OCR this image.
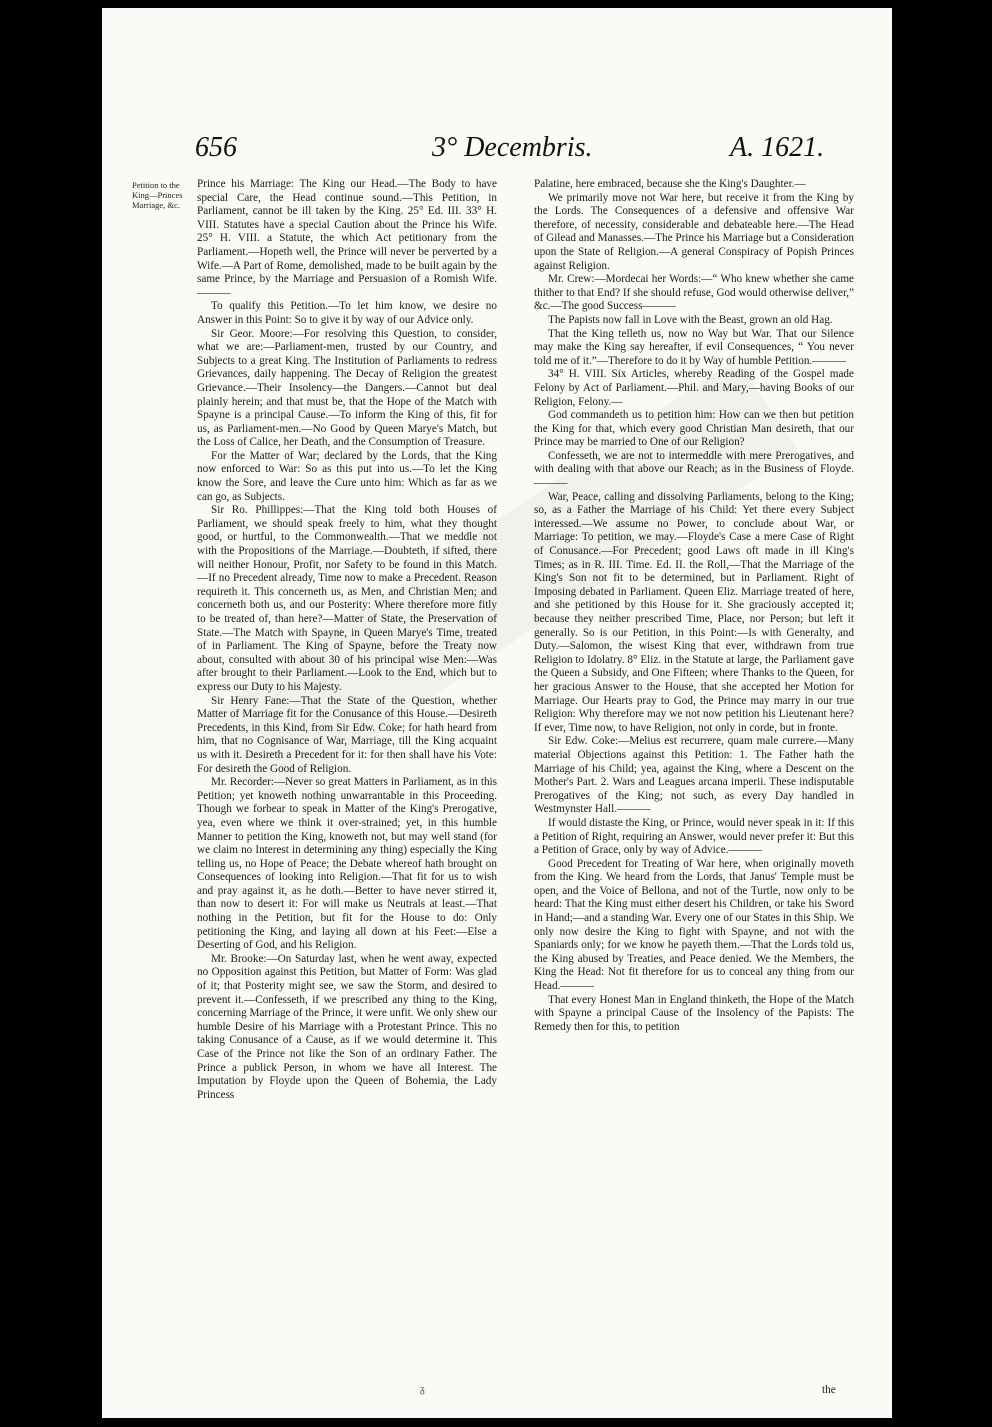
656	3° Decembris.	A. 1621.
Petition to the King—Princes Marriage, &c.

Prince his Marriage: The King our Head.—The Body to have special Care, the Head continue sound.—This Petition, in Parliament, cannot be ill taken by the King. 25° Ed. III. 33° H. VIII. Statutes have a special Caution about the Prince his Wife. 25° H. VIII. a Statute, the which Act petitionary from the Parliament.—Hopeth well, the Prince will never be perverted by a Wife.—A Part of Rome, demolished, made to be built again by the same Prince, by the Marriage and Persuasion of a Romish Wife.———

To qualify this Petition.—To let him know, we desire no Answer in this Point: So to give it by way of our Advice only.

Sir Geor. Moore:—For resolving this Question, to consider, what we are:—Parliament-men, trusted by our Country, and Subjects to a great King. The Institution of Parliaments to redress Grievances, daily happening. The Decay of Religion the greatest Grievance.—Their Insolency—the Dangers.—Cannot but deal plainly herein; and that must be, that the Hope of the Match with Spayne is a principal Cause.—To inform the King of this, fit for us, as Parliament-men.—No Good by Queen Marye's Match, but the Loss of Calice, her Death, and the Consumption of Treasure.

For the Matter of War; declared by the Lords, that the King now enforced to War: So as this put into us.—To let the King know the Sore, and leave the Cure unto him: Which as far as we can go, as Subjects.

Sir Ro. Phillippes:—That the King told both Houses of Parliament, we should speak freely to him, what they thought good, or hurtful, to the Commonwealth.—That we meddle not with the Propositions of the Marriage.—Doubteth, if sifted, there will neither Honour, Profit, nor Safety to be found in this Match.—If no Precedent already, Time now to make a Precedent. Reason requireth it. This concerneth us, as Men, and Christian Men; and concerneth both us, and our Posterity: Where therefore more fitly to be treated of, than here?—Matter of State, the Preservation of State.—The Match with Spayne, in Queen Marye's Time, treated of in Parliament. The King of Spayne, before the Treaty now about, consulted with about 30 of his principal wise Men:—Was after brought to their Parliament.—Look to the End, which but to express our Duty to his Majesty.

Sir Henry Fane:—That the State of the Question, whether Matter of Marriage fit for the Conusance of this House.—Desireth Precedents, in this Kind, from Sir Edw. Coke; for hath heard from him, that no Cognisance of War, Marriage, till the King acquaint us with it. Desireth a Precedent for it: for then shall have his Vote: For desireth the Good of Religion.

Mr. Recorder:—Never so great Matters in Parliament, as in this Petition; yet knoweth nothing unwarrantable in this Proceeding. Though we forbear to speak in Matter of the King's Prerogative, yea, even where we think it over-strained; yet, in this humble Manner to petition the King, knoweth not, but may well stand (for we claim no Interest in determining any thing) especially the King telling us, no Hope of Peace; the Debate whereof hath brought on Consequences of looking into Religion.—That fit for us to wish and pray against it, as he doth.—Better to have never stirred it, than now to desert it: For will make us Neutrals at least.—That nothing in the Petition, but fit for the House to do: Only petitioning the King, and laying all down at his Feet:—Else a Deserting of God, and his Religion.

Mr. Brooke:—On Saturday last, when he went away, expected no Opposition against this Petition, but Matter of Form: Was glad of it; that Posterity might see, we saw the Storm, and desired to prevent it.—Confesseth, if we prescribed any thing to the King, concerning Marriage of the Prince, it were unfit. We only shew our humble Desire of his Marriage with a Protestant Prince. This no taking Conusance of a Cause, as if we would determine it. This Case of the Prince not like the Son of an ordinary Father. The Prince a publick Person, in whom we have all Interest. The Imputation by Floyde upon the Queen of Bohemia, the Lady Princess

Palatine, here embraced, because she the King's Daughter.—

We primarily move not War here, but receive it from the King by the Lords. The Consequences of a defensive and offensive War therefore, of necessity, considerable and debateable here.—The Head of Gilead and Manasses.—The Prince his Marriage but a Consideration upon the State of Religion.—A general Conspiracy of Popish Princes against Religion.

Mr. Crew:—Mordecai her Words:—“ Who knew whether she came thither to that End? If she should refuse, God would otherwise deliver,” &c.—The good Success———

The Papists now fall in Love with the Beast, grown an old Hag.

That the King telleth us, now no Way but War. That our Silence may make the King say hereafter, if evil Consequences, “ You never told me of it.”—Therefore to do it by Way of humble Petition.———

34° H. VIII. Six Articles, whereby Reading of the Gospel made Felony by Act of Parliament.—Phil. and Mary,—having Books of our Religion, Felony.—

God commandeth us to petition him: How can we then but petition the King for that, which every good Christian Man desireth, that our Prince may be married to One of our Religion?

Confesseth, we are not to intermeddle with mere Prerogatives, and with dealing with that above our Reach; as in the Business of Floyde.———

War, Peace, calling and dissolving Parliaments, belong to the King; so, as a Father the Marriage of his Child: Yet there every Subject interessed.—We assume no Power, to conclude about War, or Marriage: To petition, we may.—Floyde's Case a mere Case of Right of Conusance.—For Precedent; good Laws oft made in ill King's Times; as in R. III. Time. Ed. II. the Roll,—That the Marriage of the King's Son not fit to be determined, but in Parliament. Right of Imposing debated in Parliament. Queen Eliz. Marriage treated of here, and she petitioned by this House for it. She graciously accepted it; because they neither prescribed Time, Place, nor Person; but left it generally. So is our Petition, in this Point:—Is with Generalty, and Duty.—Salomon, the wisest King that ever, withdrawn from true Religion to Idolatry. 8° Eliz. in the Statute at large, the Parliament gave the Queen a Subsidy, and One Fifteen; where Thanks to the Queen, for her gracious Answer to the House, that she accepted her Motion for Marriage. Our Hearts pray to God, the Prince may marry in our true Religion: Why therefore may we not now petition his Lieutenant here? If ever, Time now, to have Religion, not only in corde, but in fronte.

Sir Edw. Coke:—Melius est recurrere, quam male currere.—Many material Objections against this Petition: 1. The Father hath the Marriage of his Child; yea, against the King, where a Descent on the Mother's Part. 2. Wars and Leagues arcana imperii. These indisputable Prerogatives of the King; not such, as every Day handled in Westmynster Hall.———

If would distaste the King, or Prince, would never speak in it: If this a Petition of Right, requiring an Answer, would never prefer it: But this a Petition of Grace, only by way of Advice.———

Good Precedent for Treating of War here, when originally moveth from the King. We heard from the Lords, that Janus' Temple must be open, and the Voice of Bellona, and not of the Turtle, now only to be heard: That the King must either desert his Children, or take his Sword in Hand;—and a standing War. Every one of our States in this Ship. We only now desire the King to fight with Spayne, and not with the Spaniards only; for we know he payeth them.—That the Lords told us, the King abused by Treaties, and Peace denied. We the Members, the King the Head: Not fit therefore for us to conceal any thing from our Head.———

That every Honest Man in England thinketh, the Hope of the Match with Spayne a principal Cause of the Insolency of the Papists: The Remedy then for this, to petition

ᵹ	the
